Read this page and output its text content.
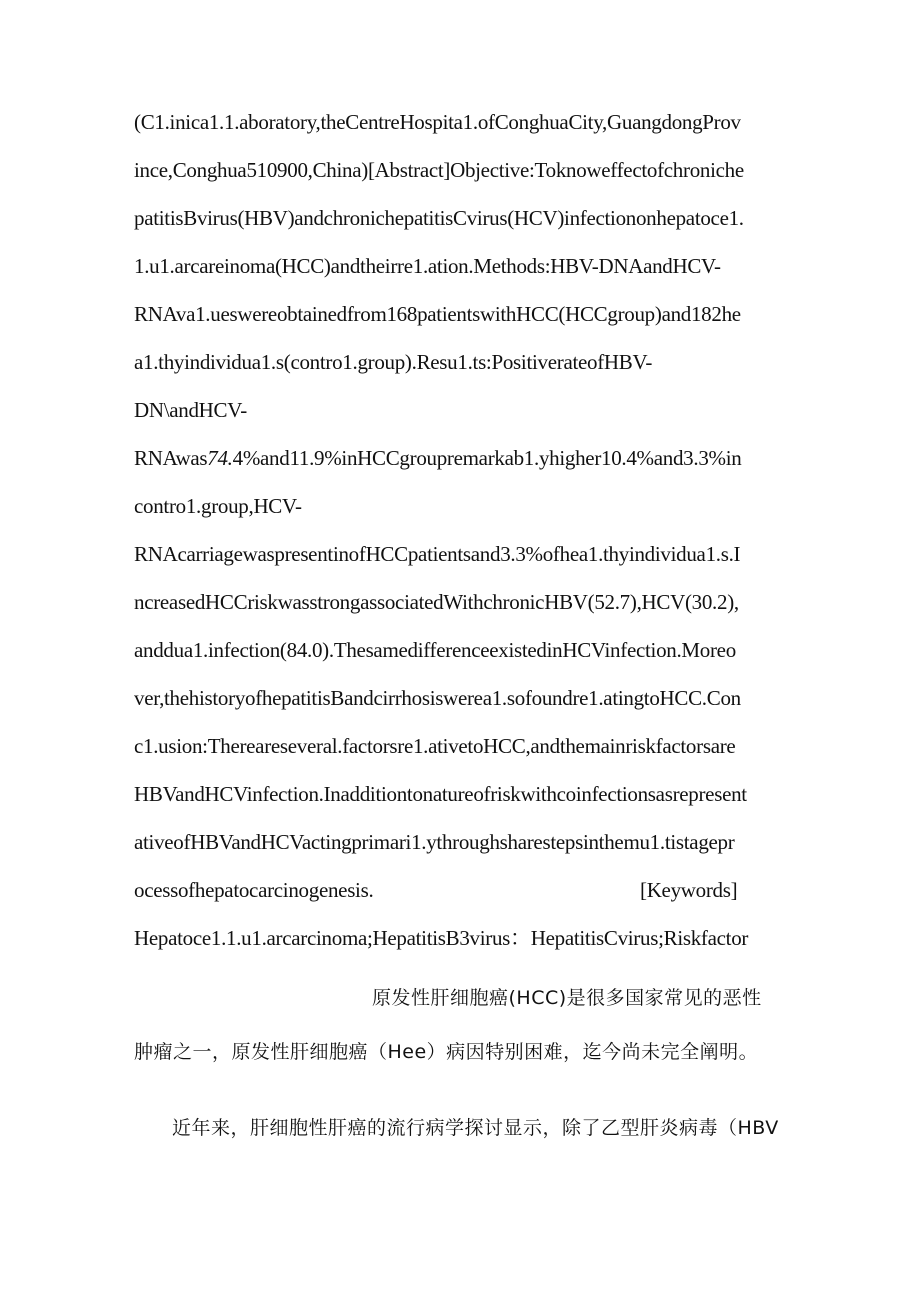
(C1.inica1.1.aboratory,theCentreHospita1.ofConghuaCity,GuangdongProv
ince,Conghua510900,China)[Abstract]Objective:Toknoweffectofchroniche
patitisBvirus(HBV)andchronichepatitisCvirus(HCV)infectiononhepatoce1.
1.u1.arcareinoma(HCC)andtheirre1.ation.Methods:HBV-DNAandHCV-
RNAva1.ueswereobtainedfrom168patientswithHCC(HCCgroup)and182he
a1.thyindividua1.s(contro1.group).Resu1.ts:PositiverateofHBV-
DN\andHCV-
RNAwas74.4%and11.9%inHCCgroupremarkab1.yhigher10.4%and3.3%in
contro1.group,HCV-
RNAcarriagewaspresentinofHCCpatientsand3.3%ofhea1.thyindividua1.s.I
ncreasedHCCriskwasstrongassociatedWithchronicHBV(52.7),HCV(30.2),
anddua1.infection(84.0).ThesamedifferenceexistedinHCVinfection.Moreo
ver,thehistoryofhepatitisBandcirrhosiswerea1.sofoundre1.atingtoHCC.Con
c1.usion:Thereareseveral.factorsre1.ativetoHCC,andthemainriskfactorsare
HBVandHCVinfection.Inadditiontonatureofriskwithcoinfectionsasrepresent
ativeofHBVandHCVactingprimari1.ythroughsharestepsinthemu1.tistagepr
ocessofhepatocarcinogenesis.	[Keywords]
Hepatoce1.1.u1.arcarcinoma;HepatitisB3virus：HepatitisCvirus;Riskfactor
原发性肝细胞癌(HCC)是很多国家常见的恶性
肿瘤之一，原发性肝细胞癌（Hee）病因特别困难，迄今尚未完全阐明。
近年来，肝细胞性肝癌的流行病学探讨显示，除了乙型肝炎病毒（HBV
